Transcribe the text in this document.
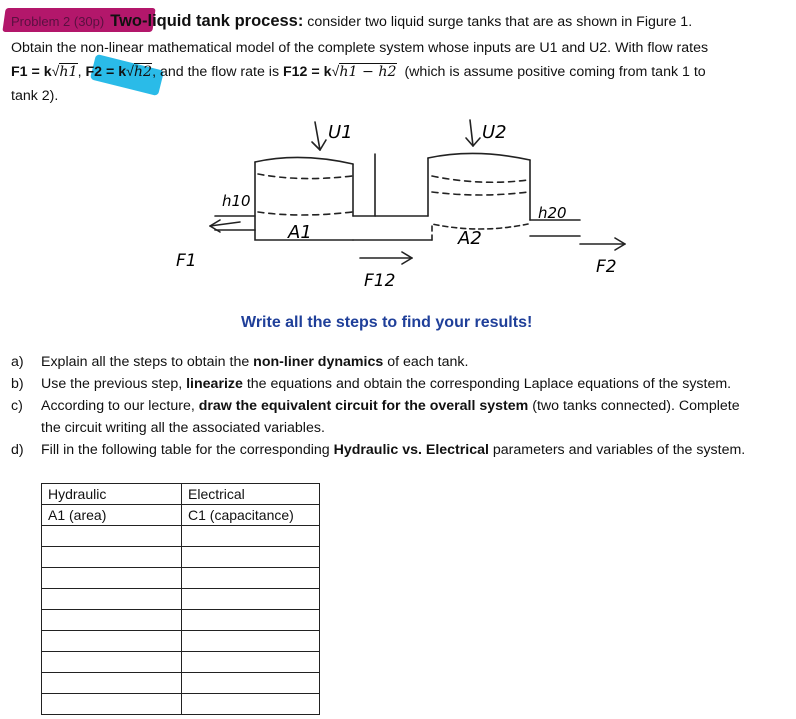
Problem 2 (30p) Two-liquid tank process: consider two liquid surge tanks that are as shown in Figure 1.
Obtain the non-linear mathematical model of the complete system whose inputs are U1 and U2. With flow rates
F1 = k√h1, F2 = k√h2, and the flow rate is F12 = k√h1 − h2 (which is assume positive coming from tank 1 to
tank 2).
U1	U2
h10
h20
A1	A2
F1
F12
F2
Write all the steps to find your results!
a) Explain all the steps to obtain the non-liner dynamics of each tank.
b) Use the previous step, linearize the equations and obtain the corresponding Laplace equations of the system.
c) According to our lecture, draw the equivalent circuit for the overall system (two tanks connected). Complete
the circuit writing all the associated variables.
d) Fill in the following table for the corresponding Hydraulic vs. Electrical parameters and variables of the system.
Hydraulic	Electrical
A1 (area)	C1 (capacitance)
